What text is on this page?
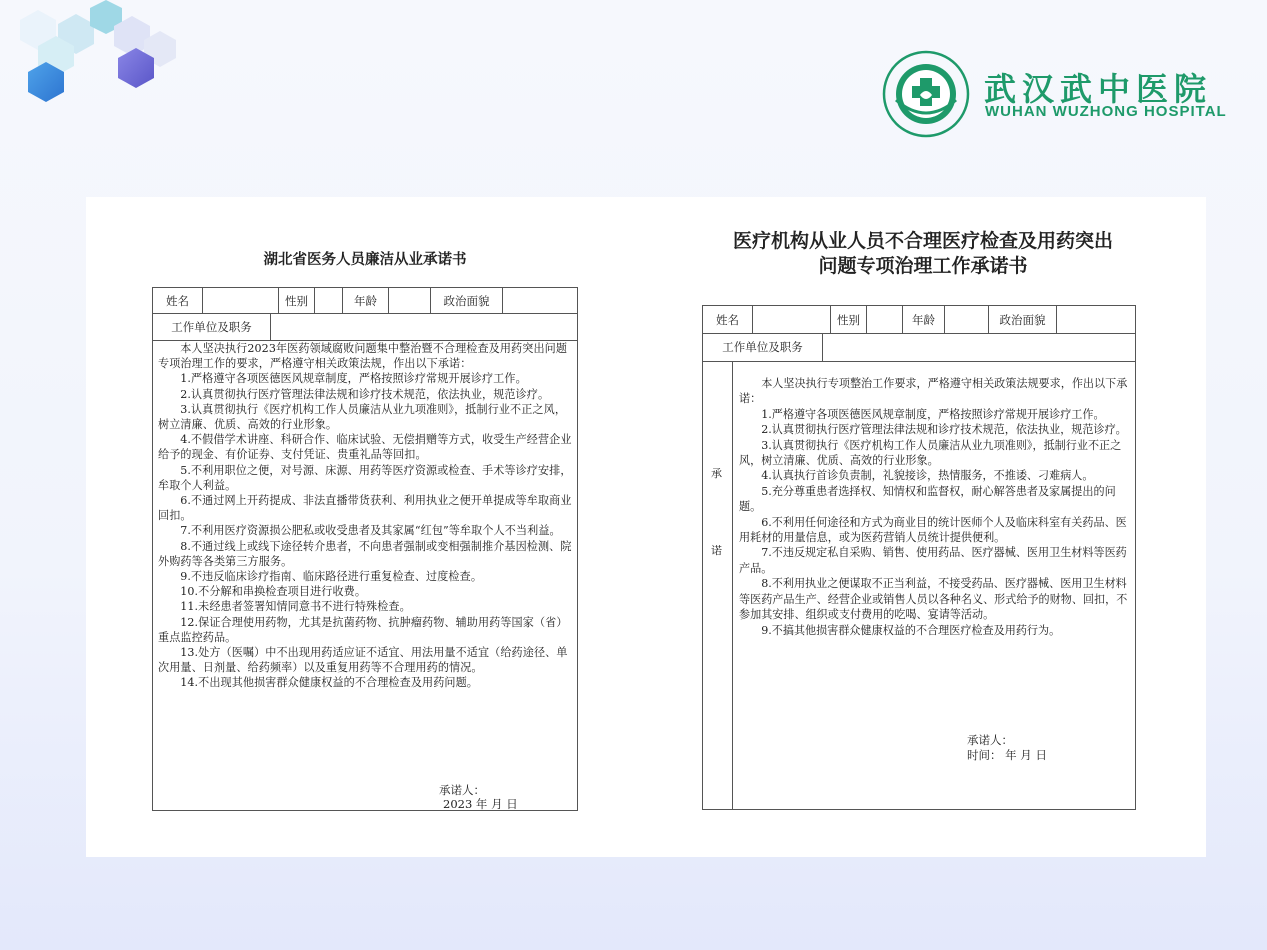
武汉武中医院
WUHAN WUZHONG HOSPITAL
湖北省医务人员廉洁从业承诺书
姓名	性别	年龄	政治面貌
工作单位及职务

本人坚决执行2023年医药领域腐败问题集中整治暨不合理检查及用药突出问题专项治理工作的要求，严格遵守相关政策法规，作出以下承诺：

1.严格遵守各项医德医风规章制度，严格按照诊疗常规开展诊疗工作。

2.认真贯彻执行医疗管理法律法规和诊疗技术规范，依法执业，规范诊疗。

3.认真贯彻执行《医疗机构工作人员廉洁从业九项准则》，抵制行业不正之风，树立清廉、优质、高效的行业形象。

4.不假借学术讲座、科研合作、临床试验、无偿捐赠等方式，收受生产经营企业给予的现金、有价证券、支付凭证、贵重礼品等回扣。

5.不利用职位之便，对号源、床源、用药等医疗资源或检查、手术等诊疗安排，牟取个人利益。

6.不通过网上开药提成、非法直播带货获利、利用执业之便开单提成等牟取商业回扣。

7.不利用医疗资源损公肥私或收受患者及其家属“红包”等牟取个人不当利益。

8.不通过线上或线下途径转介患者，不向患者强制或变相强制推介基因检测、院外购药等各类第三方服务。

9.不违反临床诊疗指南、临床路径进行重复检查、过度检查。

10.不分解和串换检查项目进行收费。

11.未经患者签署知情同意书不进行特殊检查。

12.保证合理使用药物，尤其是抗菌药物、抗肿瘤药物、辅助用药等国家（省）重点监控药品。

13.处方（医嘱）中不出现用药适应证不适宜、用法用量不适宜（给药途径、单次用量、日剂量、给药频率）以及重复用药等不合理用药的情况。

14.不出现其他损害群众健康权益的不合理检查及用药问题。

承诺人：
2023 年 月 日
医疗机构从业人员不合理医疗检查及用药突出
问题专项治理工作承诺书
姓名	性别	年龄	政治面貌
工作单位及职务
承
诺

本人坚决执行专项整治工作要求，严格遵守相关政策法规要求，作出以下承诺：

1.严格遵守各项医德医风规章制度，严格按照诊疗常规开展诊疗工作。

2.认真贯彻执行医疗管理法律法规和诊疗技术规范，依法执业，规范诊疗。

3.认真贯彻执行《医疗机构工作人员廉洁从业九项准则》，抵制行业不正之风，树立清廉、优质、高效的行业形象。

4.认真执行首诊负责制，礼貌接诊，热情服务，不推诿、刁难病人。

5.充分尊重患者选择权、知情权和监督权，耐心解答患者及家属提出的问题。

6.不利用任何途径和方式为商业目的统计医师个人及临床科室有关药品、医用耗材的用量信息，或为医药营销人员统计提供便利。

7.不违反规定私自采购、销售、使用药品、医疗器械、医用卫生材料等医药产品。

8.不利用执业之便谋取不正当利益，不接受药品、医疗器械、医用卫生材料等医药产品生产、经营企业或销售人员以各种名义、形式给予的财物、回扣，不参加其安排、组织或支付费用的吃喝、宴请等活动。

9.不搞其他损害群众健康权益的不合理医疗检查及用药行为。

承诺人：
时间： 年 月 日
